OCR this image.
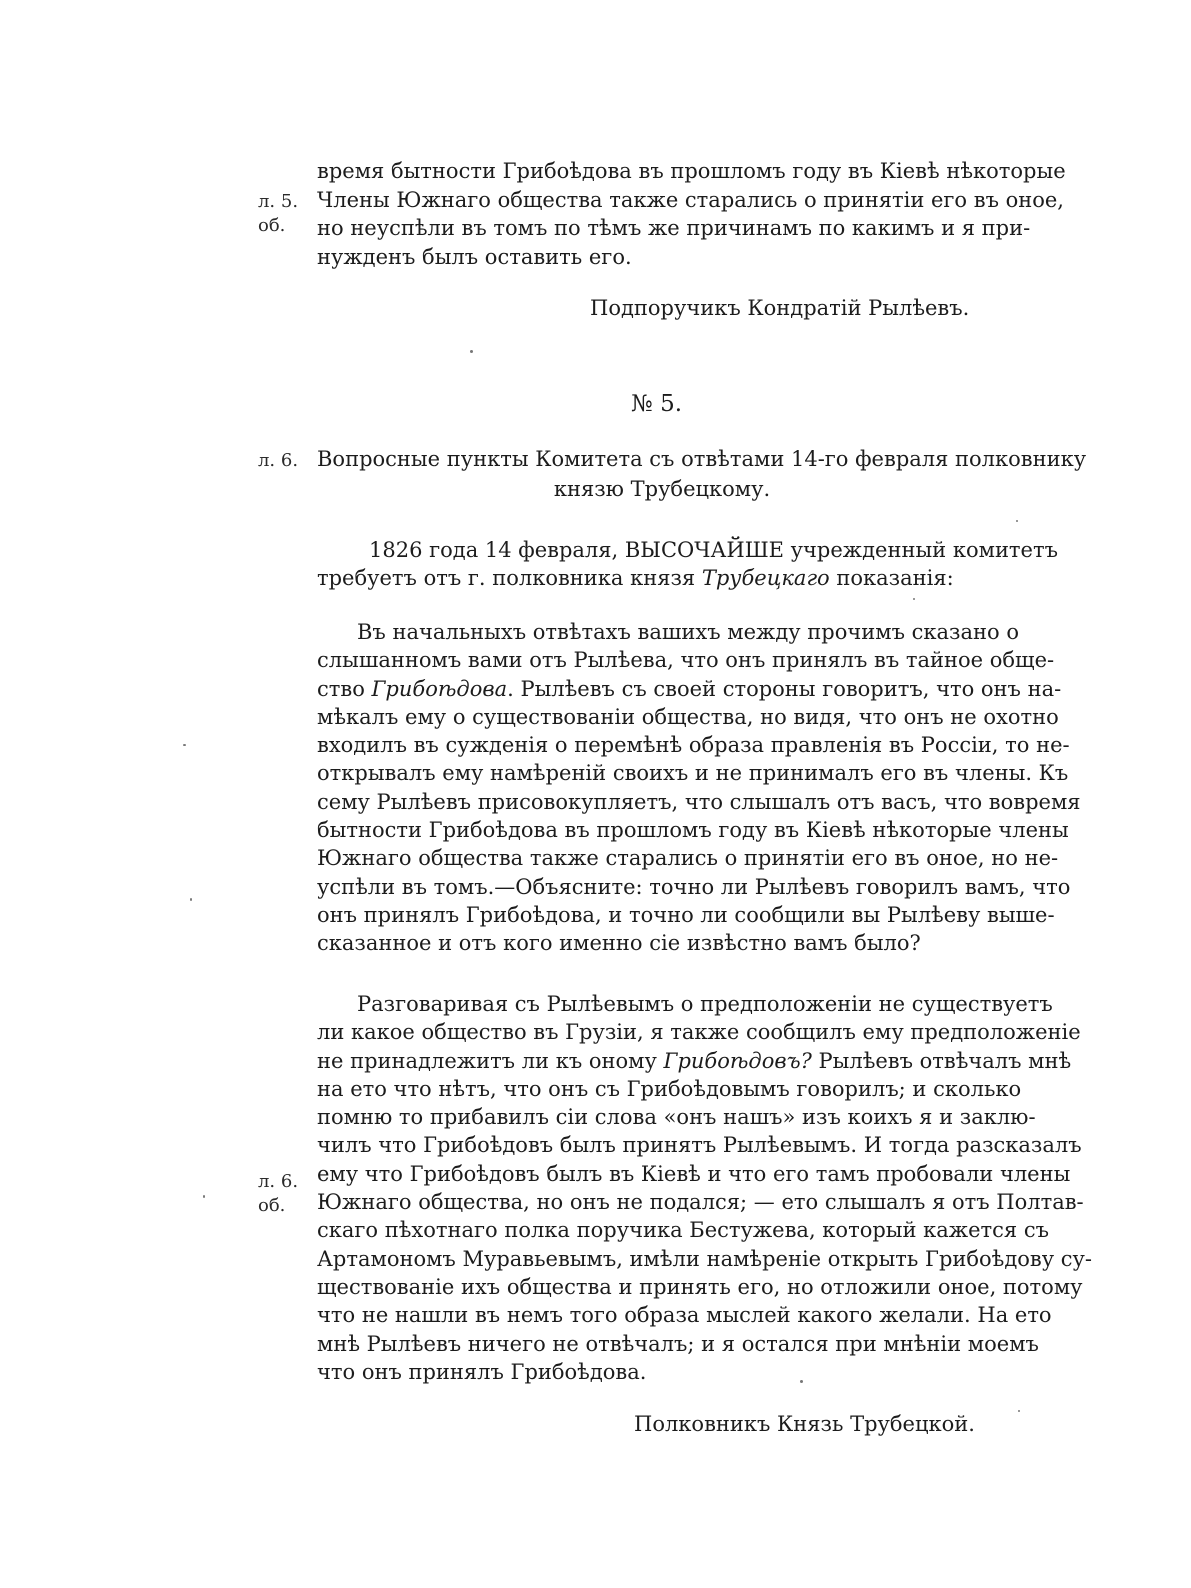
время бытности Грибоѣдова въ прошломъ году въ Кіевѣ нѣкоторые
Члены Южнаго общества также старались о принятіи его въ оное,
но неуспѣли въ томъ по тѣмъ же причинамъ по какимъ и я при-
нужденъ былъ оставить его.
л. 5.
об.
Подпоручикъ Кондратій Рылѣевъ.
№ 5.
л. 6. Вопросные пункты Комитета съ отвѣтами 14-го февраля полковнику
князю Трубецкому.
1826 года 14 февраля, ВЫСОЧАЙШЕ учрежденный комитетъ
требуетъ отъ г. полковника князя Трубецкаго показанія:
Въ начальныхъ отвѣтахъ вашихъ между прочимъ сказано о
слышанномъ вами отъ Рылѣева, что онъ принялъ въ тайное обще-
ство Грибоѣдова. Рылѣевъ съ своей стороны говоритъ, что онъ на-
мѣкалъ ему о существованіи общества, но видя, что онъ не охотно
входилъ въ сужденія о перемѣнѣ образа правленія въ Россіи, то не-
открывалъ ему намѣреній своихъ и не принималъ его въ члены. Къ
сему Рылѣевъ присовокупляетъ, что слышалъ отъ васъ, что вовремя
бытности Грибоѣдова въ прошломъ году въ Кіевѣ нѣкоторые члены
Южнаго общества также старались о принятіи его въ оное, но не-
успѣли въ томъ.—Объясните: точно ли Рылѣевъ говорилъ вамъ, что
онъ принялъ Грибоѣдова, и точно ли сообщили вы Рылѣеву выше-
сказанное и отъ кого именно сіе извѣстно вамъ было?
Разговаривая съ Рылѣевымъ о предположеніи не существуетъ
ли какое общество въ Грузіи, я также сообщилъ ему предположеніе
не принадлежитъ ли къ оному Грибоѣдовъ? Рылѣевъ отвѣчалъ мнѣ
на ето что нѣтъ, что онъ съ Грибоѣдовымъ говорилъ; и сколько
помню то прибавилъ сіи слова «онъ нашъ» изъ коихъ я и заклю-
чилъ что Грибоѣдовъ былъ принятъ Рылѣевымъ. И тогда разсказалъ
ему что Грибоѣдовъ былъ въ Кіевѣ и что его тамъ пробовали члены
Южнаго общества, но онъ не подался; — ето слышалъ я отъ Полтав-
скаго пѣхотнаго полка поручика Бестужева, который кажется съ
Артамономъ Муравьевымъ, имѣли намѣреніе открыть Грибоѣдову су-
ществованіе ихъ общества и принять его, но отложили оное, потому
что не нашли въ немъ того образа мыслей какого желали. На ето
мнѣ Рылѣевъ ничего не отвѣчалъ; и я остался при мнѣніи моемъ
что онъ принялъ Грибоѣдова.
л. 6.
об.
Полковникъ Князь Трубецкой.
